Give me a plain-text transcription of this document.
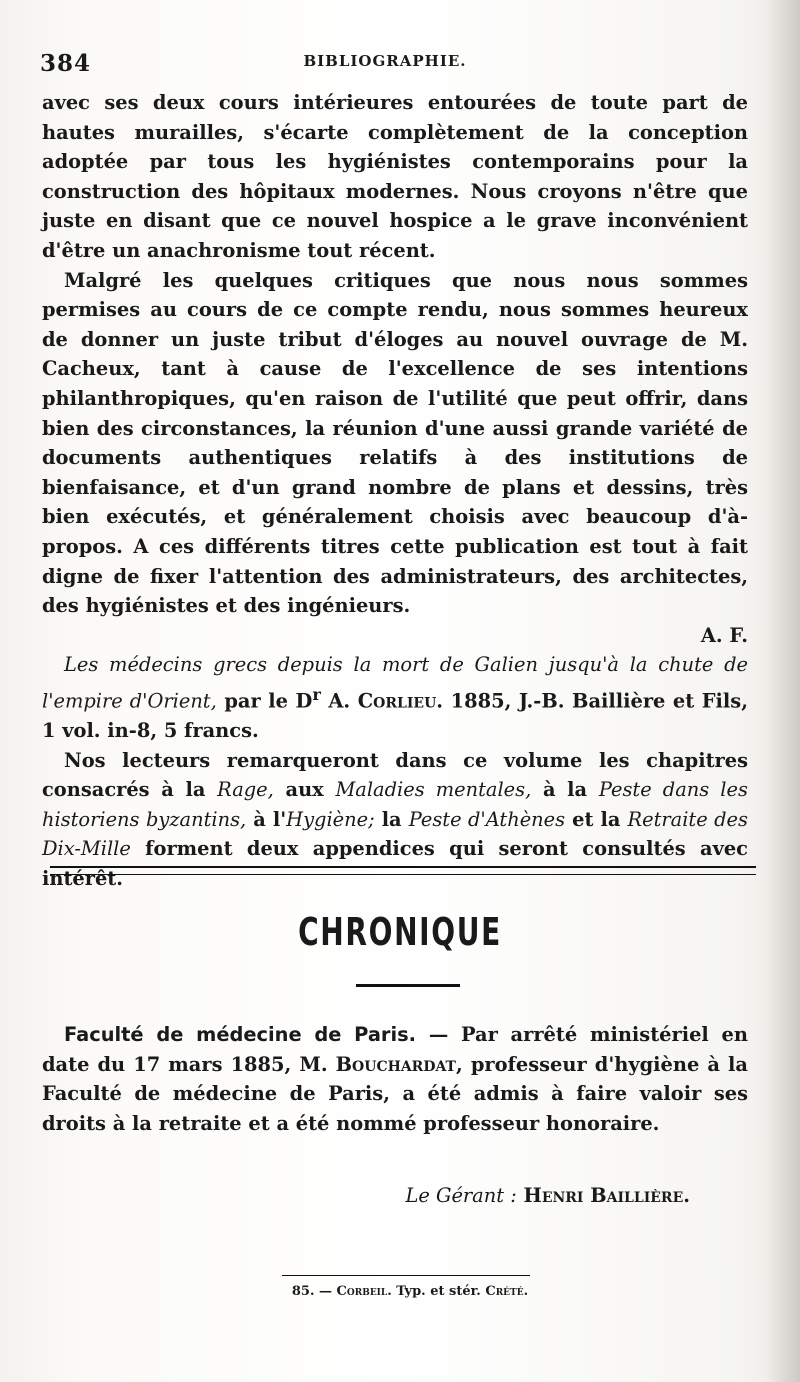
384	BIBLIOGRAPHIE.

avec ses deux cours intérieures entourées de toute part de hautes murailles, s'écarte complètement de la conception adoptée par tous les hygiénistes contemporains pour la construction des hôpitaux modernes. Nous croyons n'être que juste en disant que ce nouvel hospice a le grave inconvénient d'être un anachronisme tout récent.

Malgré les quelques critiques que nous nous sommes permises au cours de ce compte rendu, nous sommes heureux de donner un juste tribut d'éloges au nouvel ouvrage de M. Cacheux, tant à cause de l'excellence de ses intentions philanthropiques, qu'en raison de l'utilité que peut offrir, dans bien des circonstances, la réunion d'une aussi grande variété de documents authentiques relatifs à des institutions de bienfaisance, et d'un grand nombre de plans et dessins, très bien exécutés, et généralement choisis avec beaucoup d'à-propos. A ces différents titres cette publication est tout à fait digne de fixer l'attention des administrateurs, des architectes, des hygiénistes et des ingénieurs.

A. F.

Les médecins grecs depuis la mort de Galien jusqu'à la chute de l'empire d'Orient, par le $D^r$ A. Corlieu. 1885, J.-B. Baillière et Fils, 1 vol. in-8, 5 francs.

Nos lecteurs remarqueront dans ce volume les chapitres consacrés à la Rage, aux Maladies mentales, à la Peste dans les historiens byzantins, à l'Hygiène; la Peste d'Athènes et la Retraite des Dix-Mille forment deux appendices qui seront consultés avec intérêt.

CHRONIQUE

Faculté de médecine de Paris. — Par arrêté ministériel en date du 17 mars 1885, M. Bouchardat, professeur d'hygiène à la Faculté de médecine de Paris, a été admis à faire valoir ses droits à la retraite et a été nommé professeur honoraire.

Le Gérant : Henri Baillière.
85. — Corbeil. Typ. et stér. Crété.
